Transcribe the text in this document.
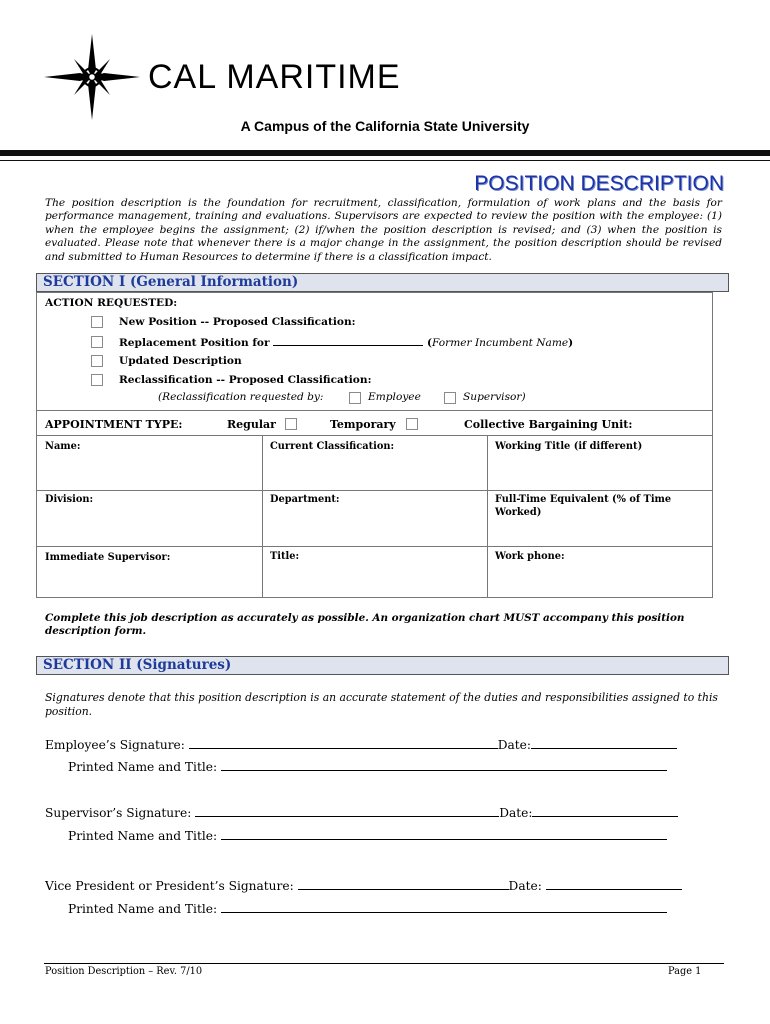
CAL MARITIME
A Campus of the California State University
POSITION DESCRIPTION
The position description is the foundation for recruitment, classification, formulation of work plans and the basis for performance management, training and evaluations. Supervisors are expected to review the position with the employee: (1) when the employee begins the assignment; (2) if/when the position description is revised; and (3) when the position is evaluated. Please note that whenever there is a major change in the assignment, the position description should be revised and submitted to Human Resources to determine if there is a classification impact.
SECTION I (General Information)
ACTION REQUESTED:
New Position -- Proposed Classification:
Replacement Position for	(Former Incumbent Name)
Updated Description
Reclassification -- Proposed Classification:
(Reclassification requested by:	Employee	Supervisor)
APPOINTMENT TYPE:	Regular	Temporary	Collective Bargaining Unit:
Name:	Current Classification:	Working Title (if different)
Division:	Department:	Full-Time Equivalent (% of Time Worked)
Immediate Supervisor:	Title:	Work phone:
Complete this job description as accurately as possible. An organization chart MUST accompany this position description form.
SECTION II (Signatures)
Signatures denote that this position description is an accurate statement of the duties and responsibilities assigned to this position.
Employee’s Signature:	Date:
Printed Name and Title:
Supervisor’s Signature:	Date:
Printed Name and Title:
Vice President or President’s Signature:	Date:
Printed Name and Title:
Position Description – Rev. 7/10	Page 1
